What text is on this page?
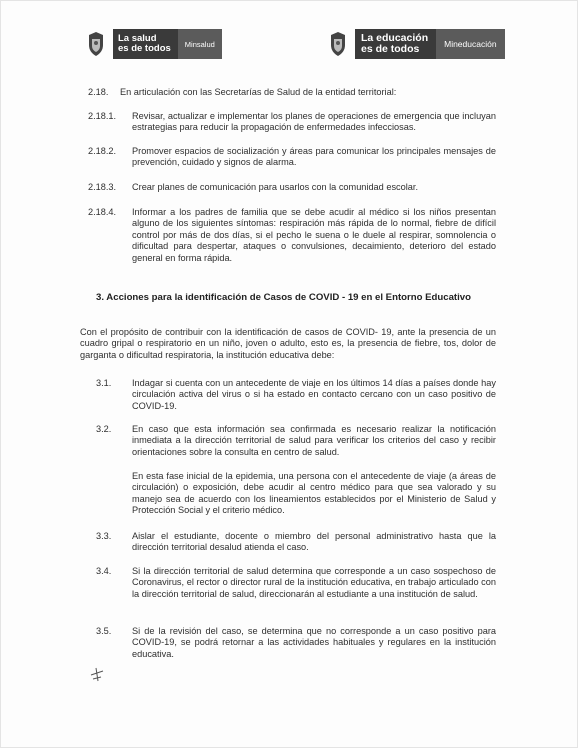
La salud
es de todos	Minsalud	La educación
es de todos	Mineducación
2.18. En articulación con las Secretarías de Salud de la entidad territorial:
2.18.1. Revisar, actualizar e implementar los planes de operaciones de emergencia que incluyan estrategias para reducir la propagación de enfermedades infecciosas.
2.18.2. Promover espacios de socialización y áreas para comunicar los principales mensajes de prevención, cuidado y signos de alarma.
2.18.3. Crear planes de comunicación para usarlos con la comunidad escolar.
2.18.4. Informar a los padres de familia que se debe acudir al médico si los niños presentan alguno de los siguientes síntomas: respiración más rápida de lo normal, fiebre de difícil control por más de dos días, si el pecho le suena o le duele al respirar, somnolencia o dificultad para despertar, ataques o convulsiones, decaimiento, deterioro del estado general en forma rápida.
3. Acciones para la identificación de Casos de COVID - 19 en el Entorno Educativo
Con el propósito de contribuir con la identificación de casos de COVID- 19, ante la presencia de un cuadro gripal o respiratorio en un niño, joven o adulto, esto es, la presencia de fiebre, tos, dolor de garganta o dificultad respiratoria, la institución educativa debe:
3.1. Indagar si cuenta con un antecedente de viaje en los últimos 14 días a países donde hay circulación activa del virus o si ha estado en contacto cercano con un caso positivo de COVID-19.
3.2. En caso que esta información sea confirmada es necesario realizar la notificación inmediata a la dirección territorial de salud para verificar los criterios del caso y recibir orientaciones sobre la consulta en centro de salud.
En esta fase inicial de la epidemia, una persona con el antecedente de viaje (a áreas de circulación) o exposición, debe acudir al centro médico para que sea valorado y su manejo sea de acuerdo con los lineamientos establecidos por el Ministerio de Salud y Protección Social y el criterio médico.
3.3. Aislar el estudiante, docente o miembro del personal administrativo hasta que la dirección territorial desalud atienda el caso.
3.4. Si la dirección territorial de salud determina que corresponde a un caso sospechoso de Coronavirus, el rector o director rural de la institución educativa, en trabajo articulado con la dirección territorial de salud, direccionarán al estudiante a una institución de salud.
3.5. Si de la revisión del caso, se determina que no corresponde a un caso positivo para COVID-19, se podrá retornar a las actividades habituales y regulares en la institución educativa.
